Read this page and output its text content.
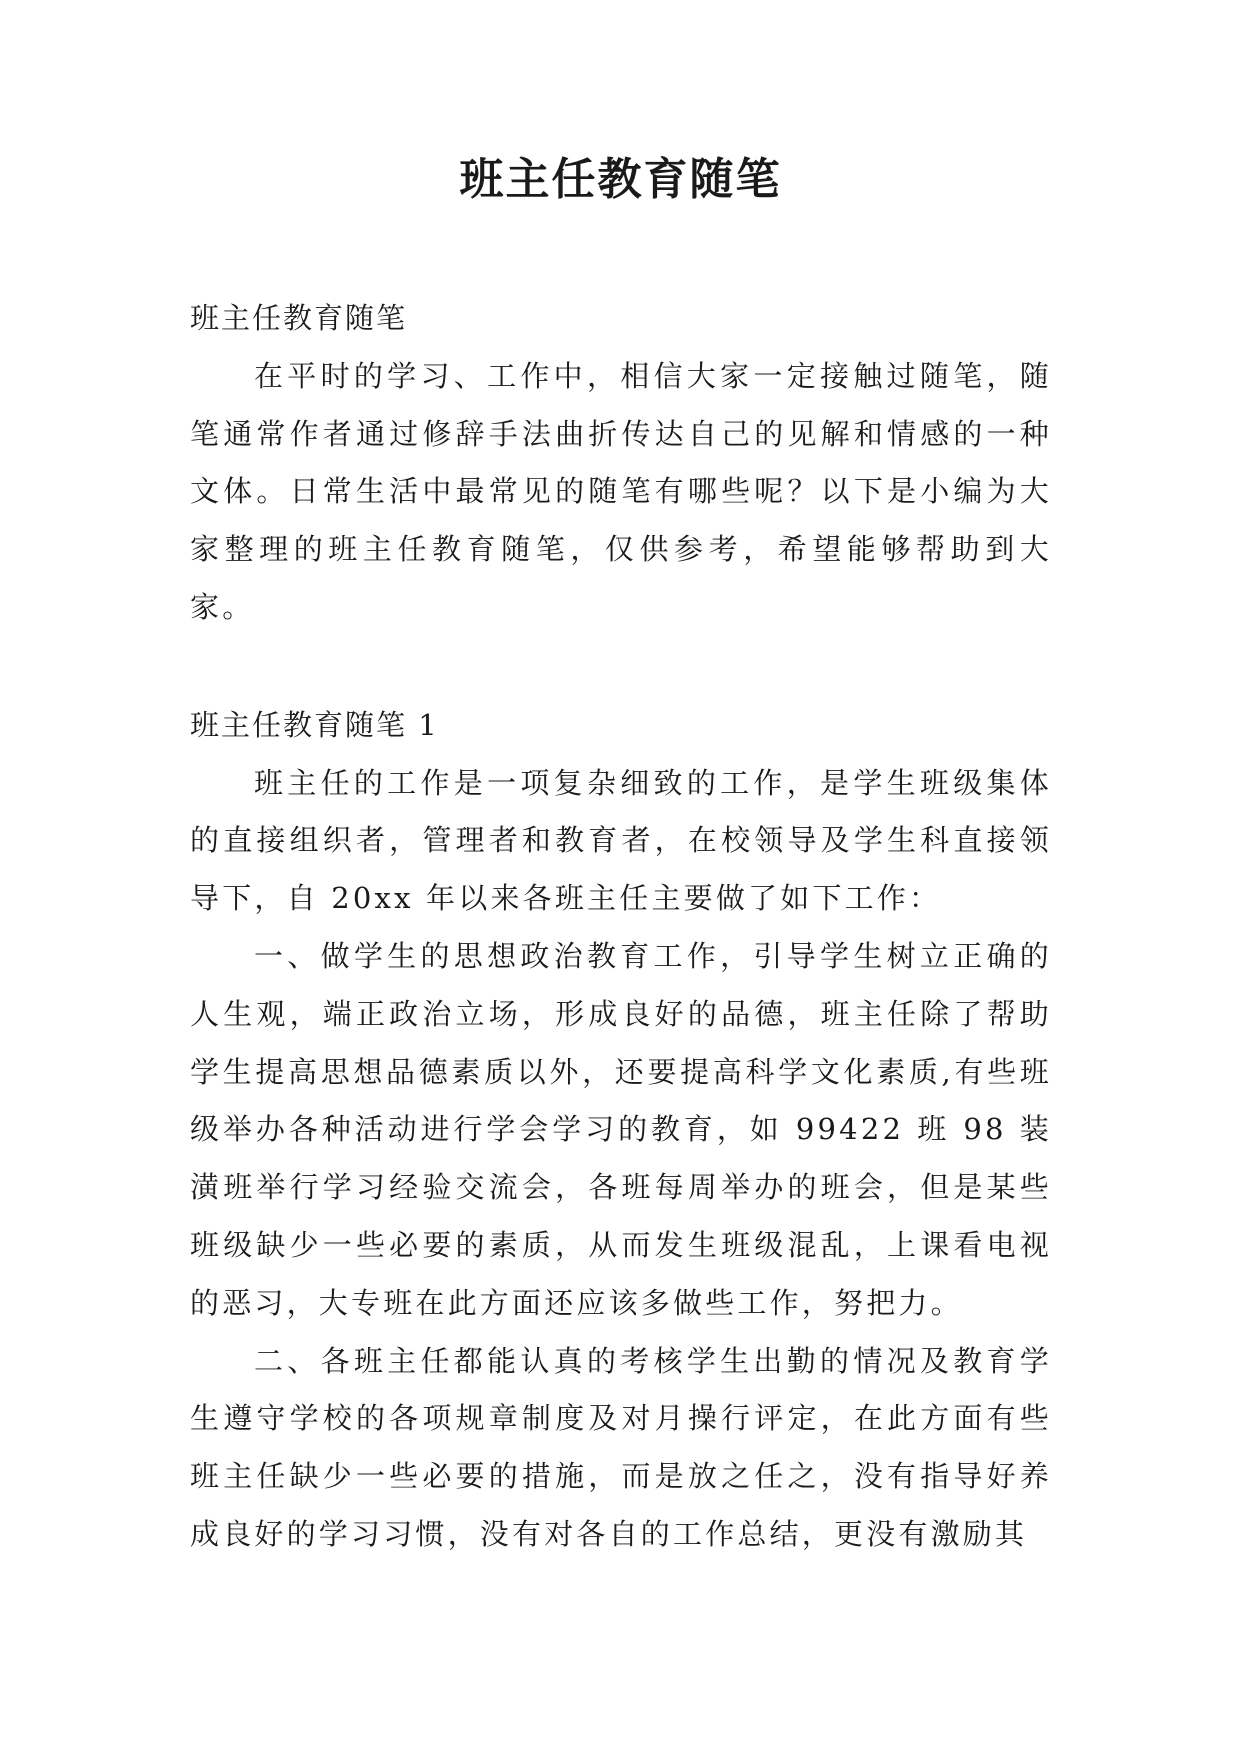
班主任教育随笔

班主任教育随笔

在平时的学习、工作中，相信大家一定接触过随笔，随笔通常作者通过修辞手法曲折传达自己的见解和情感的一种文体。日常生活中最常见的随笔有哪些呢？以下是小编为大家整理的班主任教育随笔，仅供参考，希望能够帮助到大家。

班主任教育随笔 1

班主任的工作是一项复杂细致的工作，是学生班级集体的直接组织者，管理者和教育者，在校领导及学生科直接领导下，自 20xx 年以来各班主任主要做了如下工作：

一、做学生的思想政治教育工作，引导学生树立正确的人生观，端正政治立场，形成良好的品德，班主任除了帮助学生提高思想品德素质以外，还要提高科学文化素质,有些班级举办各种活动进行学会学习的教育，如 99422 班 98 装潢班举行学习经验交流会，各班每周举办的班会，但是某些班级缺少一些必要的素质，从而发生班级混乱，上课看电视的恶习，大专班在此方面还应该多做些工作，努把力。

二、各班主任都能认真的考核学生出勤的情况及教育学生遵守学校的各项规章制度及对月操行评定，在此方面有些班主任缺少一些必要的措施，而是放之任之，没有指导好养成良好的学习习惯，没有对各自的工作总结，更没有激励其
